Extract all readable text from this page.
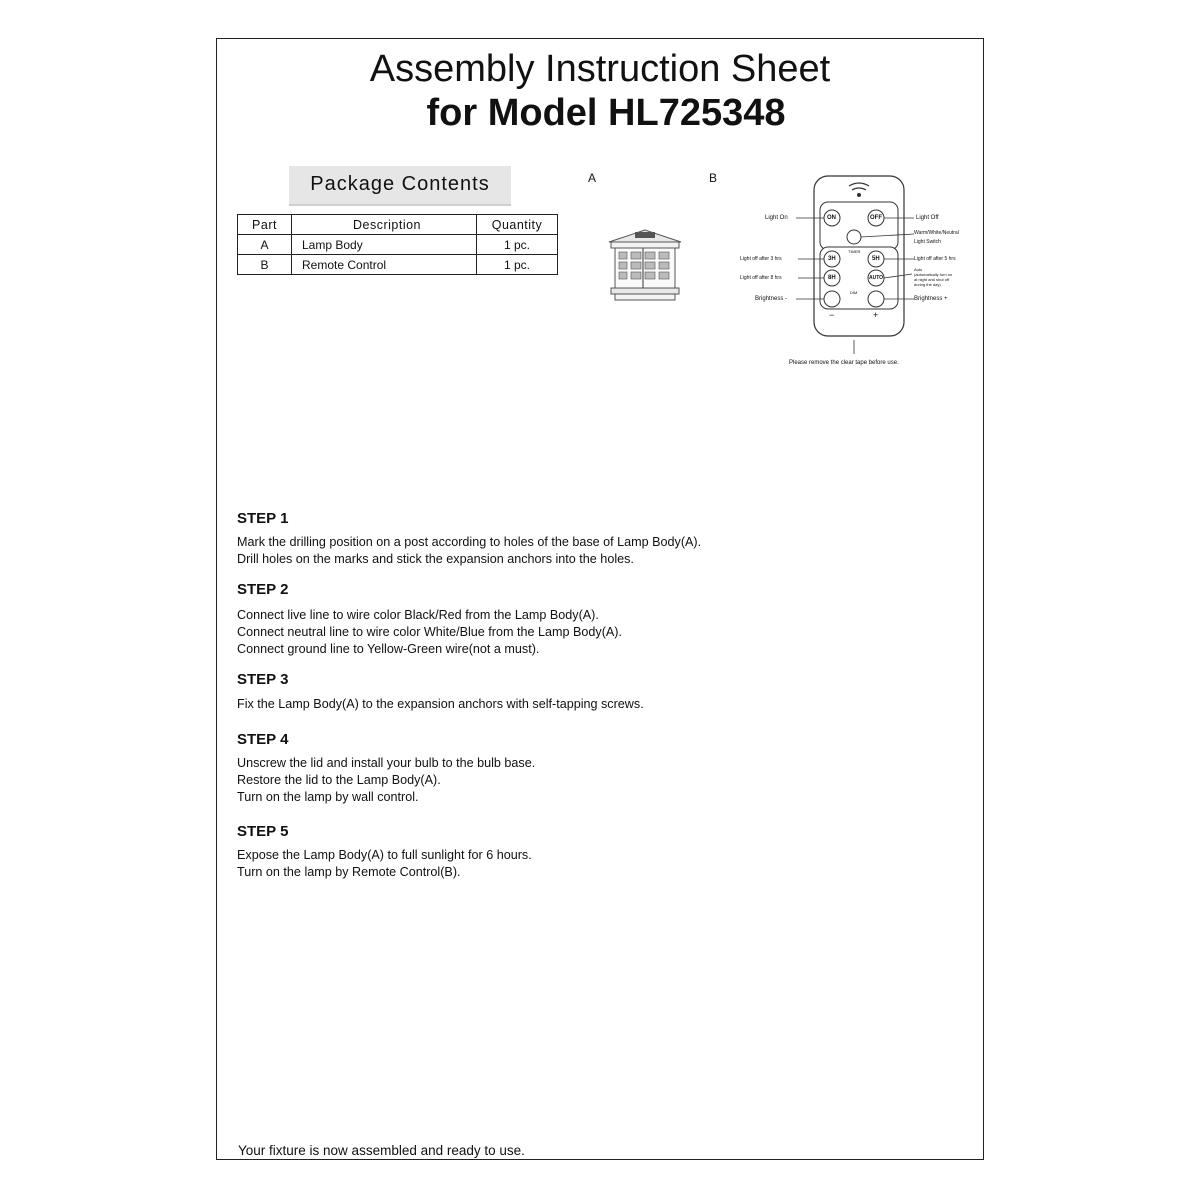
Assembly Instruction Sheet
for Model HL725348
Package Contents
Part	Description	Quantity
A	Lamp Body	1 pc.
B	Remote Control	1 pc.
A	B
ON	OFF
TIMER
3H	5H
8H	AUTO
DIM
−	+
Light On	Light Off
Warm/White/Neutral
Light Switch
Light off after 3 hrs	Light off after 5 hrs
Light off after 8 hrs
Auto
(automatically turn on
at night and shut off
during the day)
Brightness -	Brightness +
Please remove the clear tape before use.
STEP 1
Mark the drilling position on a post according to holes of the base of Lamp Body(A).
Drill holes on the marks and stick the expansion anchors into the holes.
STEP 2
Connect live line to wire color Black/Red from the Lamp Body(A).
Connect neutral line to wire color White/Blue from the Lamp Body(A).
Connect ground line to Yellow-Green wire(not a must).
STEP 3
Fix the Lamp Body(A) to the expansion anchors with self-tapping screws.
STEP 4
Unscrew the lid and install your bulb to the bulb base.
Restore the lid to the Lamp Body(A).
Turn on the lamp by wall control.
STEP 5
Expose the Lamp Body(A) to full sunlight for 6 hours.
Turn on the lamp by Remote Control(B).
Your fixture is now assembled and ready to use.
